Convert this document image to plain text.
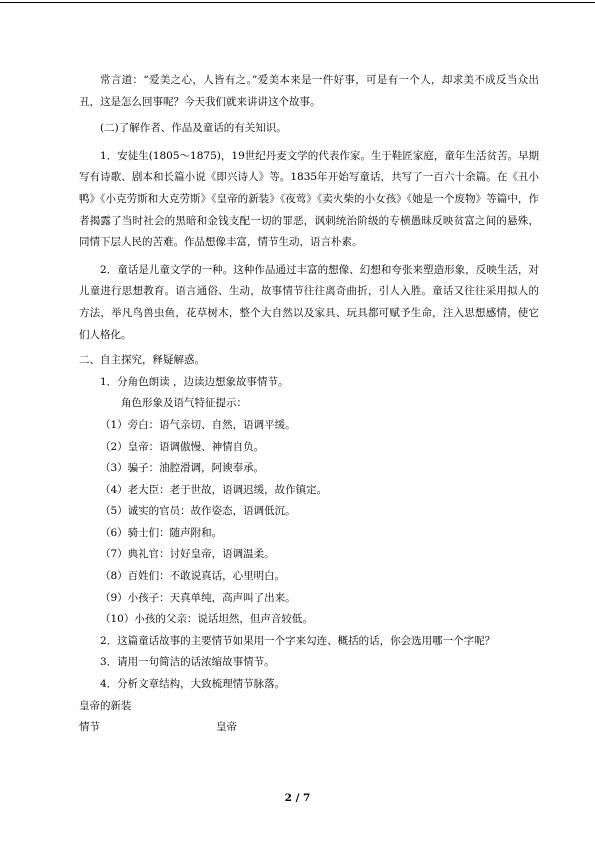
常言道：“爱美之心，人皆有之。”爱美本来是一件好事，可是有一个人，却求美不成反当众出丑，这是怎么回事呢？今天我们就来讲讲这个故事。

(二)了解作者、作品及童话的有关知识。

1．安徒生(1805～1875)，19世纪丹麦文学的代表作家。生于鞋匠家庭，童年生活贫苦。早期写有诗歌、剧本和长篇小说《即兴诗人》等。1835年开始写童话，共写了一百六十余篇。在《丑小鸭》《小克劳斯和大克劳斯》《皇帝的新装》《夜莺》《卖火柴的小女孩》《她是一个废物》等篇中，作者揭露了当时社会的黑暗和金钱支配一切的罪恶，讽刺统治阶级的专横愚昧反映贫富之间的悬殊，同情下层人民的苦难。作品想像丰富，情节生动，语言朴素。

2．童话是儿童文学的一种。这种作品通过丰富的想像、幻想和夸张来塑造形象，反映生活，对儿童进行思想教育。语言通俗、生动，故事情节往往离奇曲折，引人入胜。童话又往往采用拟人的方法，举凡鸟兽虫鱼，花草树木，整个大自然以及家具、玩具都可赋予生命，注入思想感情，使它们人格化。

二、自主探究，释疑解惑。

1．分角色朗读 ，边读边想象故事情节。

角色形象及语气特征提示：

（1）旁白：语气亲切、自然，语调平缓。

（2）皇帝：语调傲慢、神情自负。

（3）骗子：油腔滑调，阿谀奉承。

（4）老大臣：老于世故，语调迟缓，故作镇定。

（5）诚实的官员：故作姿态，语调低沉。

（6）骑士们：随声附和。

（7）典礼官：讨好皇帝，语调温柔。

（8）百姓们：不敢说真话，心里明白。

（9）小孩子：天真单纯，高声叫了出来。

（10）小孩的父亲：说话坦然，但声音较低。

2．这篇童话故事的主要情节如果用一个字来勾连、概括的话，你会选用哪一个字呢？

3．请用一句简洁的话浓缩故事情节。

4．分析文章结构，大致梳理情节脉落。

皇帝的新装

情节	皇帝
2 / 7
